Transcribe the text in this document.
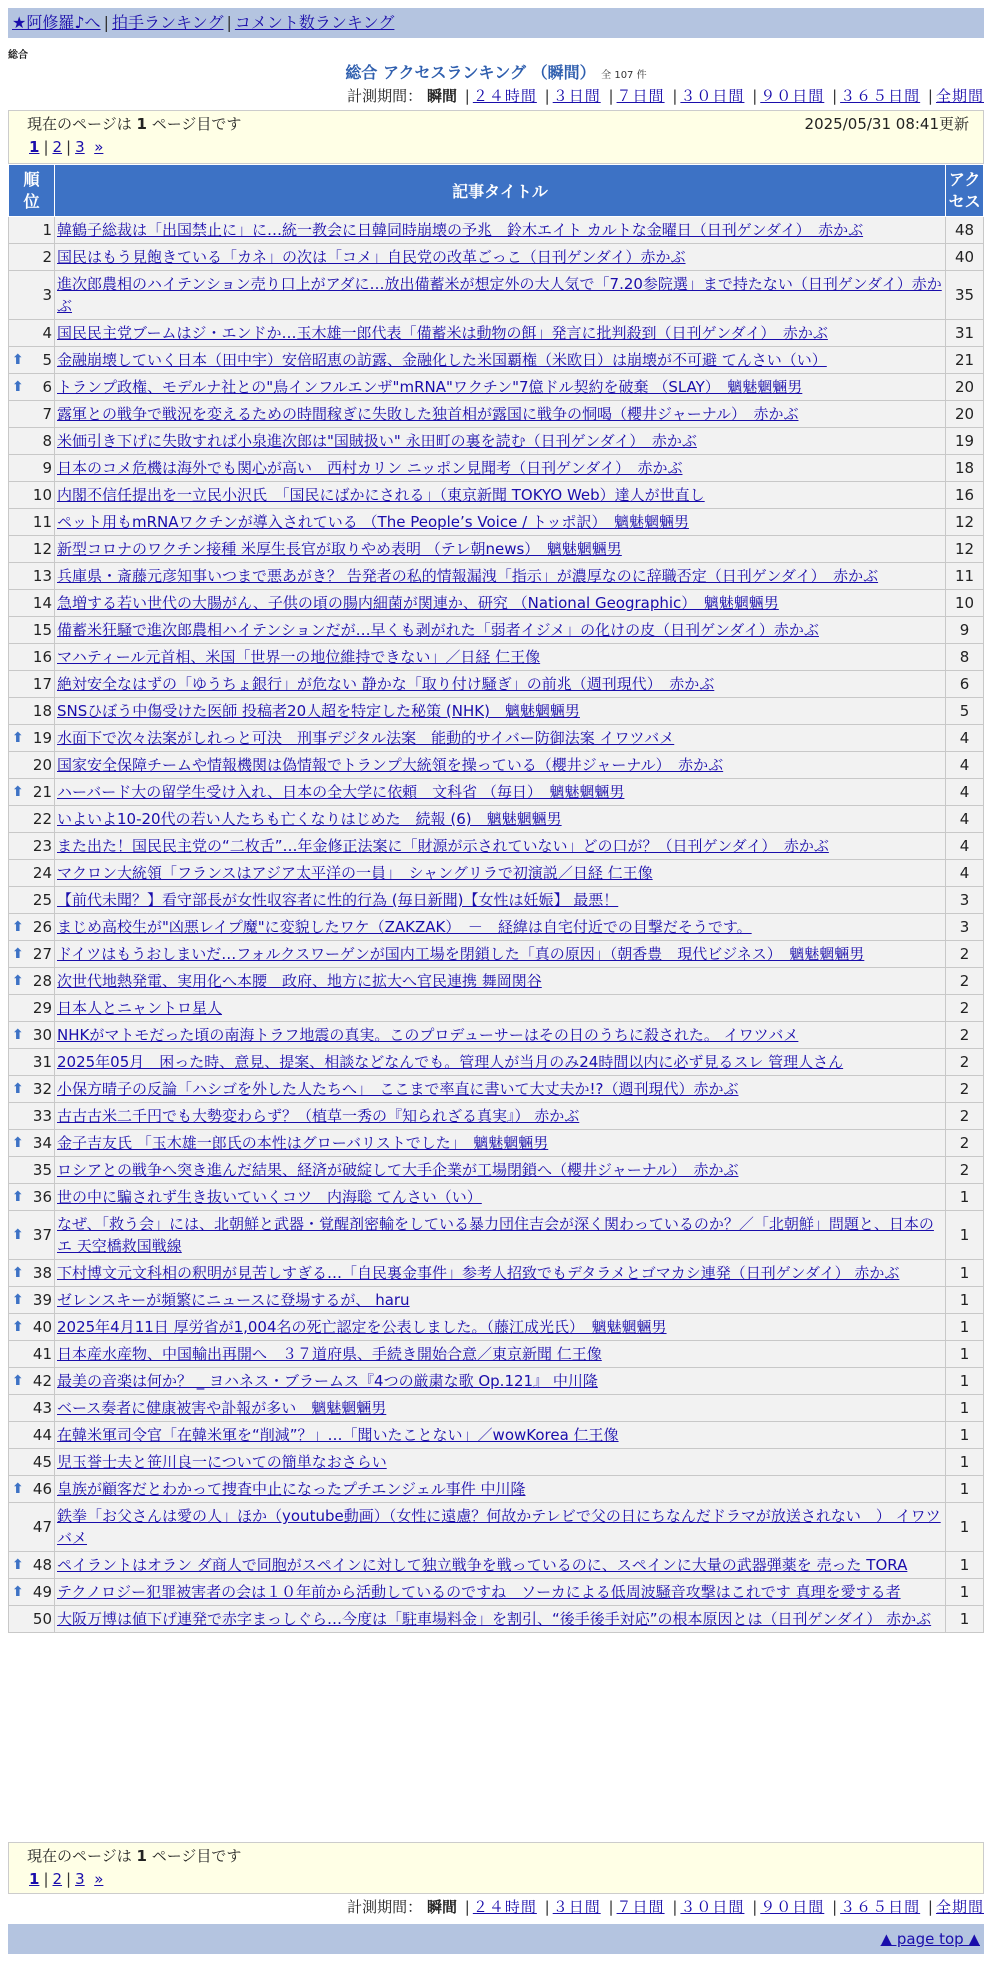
★阿修羅♪へ | 拍手ランキング | コメント数ランキング
総合
総合 アクセスランキング （瞬間） 全 107 件
計測期間： 瞬間 | ２４時間 | ３日間 | ７日間 | ３０日間 | ９０日間 | ３６５日間 | 全期間
現在のページは 1 ページ目です	2025/05/31 08:41更新
1 | 2 | 3 »
順位	記事タイトル	アクセス

1	韓鶴子総裁は「出国禁止に」に…統一教会に日韓同時崩壊の予兆　鈴木エイト カルトな金曜日（日刊ゲンダイ）　赤かぶ	48
2	国民はもう見飽きている「カネ」の次は「コメ」自民党の改革ごっこ（日刊ゲンダイ）赤かぶ	40
3	進次郎農相のハイテンション売り口上がアダに…放出備蓄米が想定外の大人気で「7.20参院選」まで持たない（日刊ゲンダイ）赤かぶ	35
4	国民民主党ブームはジ・エンドか…玉木雄一郎代表「備蓄米は動物の餌」発言に批判殺到（日刊ゲンダイ）　赤かぶ	31

⬆ 5	金融崩壊していく日本（田中宇）安倍昭恵の訪露、金融化した米国覇権（米欧日）は崩壊が不可避 てんさい（い）	21

⬆ 6	トランプ政権、モデルナ社との"鳥インフルエンザ"mRNA"ワクチン"7億ドル契約を破棄 （SLAY）　魑魅魍魎男	20
7	露軍との戦争で戦況を変えるための時間稼ぎに失敗した独首相が露国に戦争の恫喝（櫻井ジャーナル）　赤かぶ	20
8	米価引き下げに失敗すれば小泉進次郎は"国賊扱い" 永田町の裏を読む（日刊ゲンダイ）　赤かぶ	19
9	日本のコメ危機は海外でも関心が高い　西村カリン ニッポン見聞考（日刊ゲンダイ）　赤かぶ	18
10	内閣不信任提出を一立民小沢氏　「国民にばかにされる」（東京新聞 TOKYO Web）達人が世直し	16
11	ペット用もmRNAワクチンが導入されている （The People’s Voice / トッポ訳）　魑魅魍魎男	12
12	新型コロナのワクチン接種 米厚生長官が取りやめ表明 （テレ朝news）　魑魅魍魎男	12
13	兵庫県・斎藤元彦知事いつまで悪あがき？ 告発者の私的情報漏洩「指示」が濃厚なのに辞職否定（日刊ゲンダイ）　赤かぶ	11
14	急増する若い世代の大腸がん、子供の頃の腸内細菌が関連か、研究 （National Geographic）　魑魅魍魎男	10
15	備蓄米狂騒で進次郎農相ハイテンションだが…早くも剥がれた「弱者イジメ」の化けの皮（日刊ゲンダイ）赤かぶ	9
16	マハティール元首相、米国「世界一の地位維持できない」／日経 仁王像	8
17	絶対安全なはずの「ゆうちょ銀行」が危ない 静かな「取り付け騒ぎ」の前兆（週刊現代）　赤かぶ	6
18	SNSひぼう中傷受けた医師 投稿者20人超を特定した秘策 (NHK)　魑魅魍魎男	5

⬆ 19	水面下で次々法案がしれっと可決　刑事デジタル法案　能動的サイバー防御法案 イワツバメ	4
20	国家安全保障チームや情報機関は偽情報でトランプ大統領を操っている（櫻井ジャーナル）　赤かぶ	4

⬆ 21	ハーバード大の留学生受け入れ、日本の全大学に依頼　文科省 （毎日）　魑魅魍魎男	4
22	いよいよ10-20代の若い人たちも亡くなりはじめた　続報 (6)　魑魅魍魎男	4
23	また出た！国民民主党の“二枚舌”…年金修正法案に「財源が示されていない」どの口が？（日刊ゲンダイ）　赤かぶ	4
24	マクロン大統領「フランスはアジア太平洋の一員」　シャングリラで初演説／日経 仁王像	4
25	【前代未聞？】看守部長が女性収容者に性的行為 (毎日新聞)【女性は妊娠】 最悪！	3

⬆ 26	まじめ高校生が"凶悪レイプ魔"に変貌したワケ（ZAKZAK）　－　経緯は自宅付近での目撃だそうです。	3

⬆ 27	ドイツはもうおしまいだ…フォルクスワーゲンが国内工場を閉鎖した「真の原因」（朝香豊　現代ビジネス）　魑魅魍魎男	2

⬆ 28	次世代地熱発電、実用化へ本腰　政府、地方に拡大へ官民連携 舞岡関谷	2
29	日本人とニャントロ星人	2

⬆ 30	NHKがマトモだった頃の南海トラフ地震の真実。このプロデューサーはその日のうちに殺された。 イワツバメ	2
31	2025年05月　困った時、意見、提案、相談などなんでも。管理人が当月のみ24時間以内に必ず見るスレ 管理人さん	2

⬆ 32	小保方晴子の反論「ハシゴを外した人たちへ」　ここまで率直に書いて大丈夫か!?（週刊現代）赤かぶ	2
33	古古古米二千円でも大勢変わらず？（植草一秀の『知られざる真実』） 赤かぶ	2

⬆ 34	金子吉友氏 「玉木雄一郎氏の本性はグローバリストでした」　魑魅魍魎男	2
35	ロシアとの戦争へ突き進んだ結果、経済が破綻して大手企業が工場閉鎖へ（櫻井ジャーナル）　赤かぶ	2

⬆ 36	世の中に騙されず生き抜いていくコツ　内海聡 てんさい（い）	1

⬆ 37	なぜ、「救う会」には、北朝鮮と武器・覚醒剤密輸をしている暴力団住吉会が深く関わっているのか？／「北朝鮮」問題と、日本のエ 天空橋救国戦線	1

⬆ 38	下村博文元文科相の釈明が見苦しすぎる…「自民裏金事件」参考人招致でもデタラメとゴマカシ連発（日刊ゲンダイ） 赤かぶ	1

⬆ 39	ゼレンスキーが頻繁にニュースに登場するが、 haru	1

⬆ 40	2025年4月11日 厚労省が1,004名の死亡認定を公表しました。（藤江成光氏）　魑魅魍魎男	1
41	日本産水産物、中国輸出再開へ　３７道府県、手続き開始合意／東京新聞 仁王像	1

⬆ 42	最美の音楽は何か？ _ ヨハネス・ブラームス『4つの厳粛な歌 Op.121』 中川隆	1
43	ベース奏者に健康被害や訃報が多い　魑魅魍魎男	1
44	在韓米軍司令官「在韓米軍を“削減”？」…「聞いたことない」／wowKorea 仁王像	1
45	児玉誉士夫と笹川良一についての簡単なおさらい	1

⬆ 46	皇族が顧客だとわかって捜査中止になったプチエンジェル事件 中川隆	1
47	鉄拳「お父さんは愛の人」ほか（youtube動画）（女性に遠慮？何故かテレビで父の日にちなんだドラマが放送されない　） イワツバメ	1

⬆ 48	ペイラントはオラン ダ商人で同胞がスペインに対して独立戦争を戦っているのに、スペインに大量の武器弾薬を 売った TORA	1

⬆ 49	テクノロジー犯罪被害者の会は１０年前から活動しているのですね　ソーカによる低周波騒音攻撃はこれです 真理を愛する者	1
50	大阪万博は値下げ連発で赤字まっしぐら…今度は「駐車場料金」を割引、“後手後手対応”の根本原因とは（日刊ゲンダイ） 赤かぶ	1
計測期間： 瞬間 | ２４時間 | ３日間 | ７日間 | ３０日間 | ９０日間 | ３６５日間 | 全期間
現在のページは 1 ページ目です
1 | 2 | 3 »
▲ page top ▲
